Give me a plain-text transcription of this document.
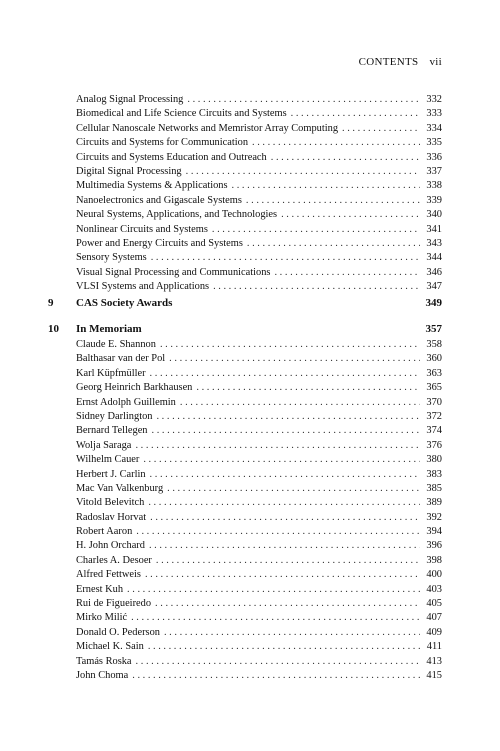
CONTENTS vii
Analog Signal Processing . . .	332
Biomedical and Life Science Circuits and Systems . . .	333
Cellular Nanoscale Networks and Memristor Array Computing . . .	334
Circuits and Systems for Communication . . .	335
Circuits and Systems Education and Outreach . . .	336
Digital Signal Processing . . .	337
Multimedia Systems & Applications . . .	338
Nanoelectronics and Gigascale Systems . . .	339
Neural Systems, Applications, and Technologies . . .	340
Nonlinear Circuits and Systems . . .	341
Power and Energy Circuits and Systems . . .	343
Sensory Systems . . .	344
Visual Signal Processing and Communications . . .	346
VLSI Systems and Applications . . .	347
9	CAS Society Awards	349
10	In Memoriam	357
Claude E. Shannon . . .	358
Balthasar van der Pol . . .	360
Karl Küpfmüller . . .	363
Georg Heinrich Barkhausen . . .	365
Ernst Adolph Guillemin . . .	370
Sidney Darlington . . .	372
Bernard Tellegen . . .	374
Wolja Saraga . . .	376
Wilhelm Cauer . . .	380
Herbert J. Carlin . . .	383
Mac Van Valkenburg . . .	385
Vitold Belevitch . . .	389
Radoslav Horvat . . .	392
Robert Aaron . . .	394
H. John Orchard . . .	396
Charles A. Desoer . . .	398
Alfred Fettweis . . .	400
Ernest Kuh . . .	403
Rui de Figueiredo . . .	405
Mirko Milić . . .	407
Donald O. Pederson . . .	409
Michael K. Sain . . .	411
Tamás Roska . . .	413
John Choma . . .	415
